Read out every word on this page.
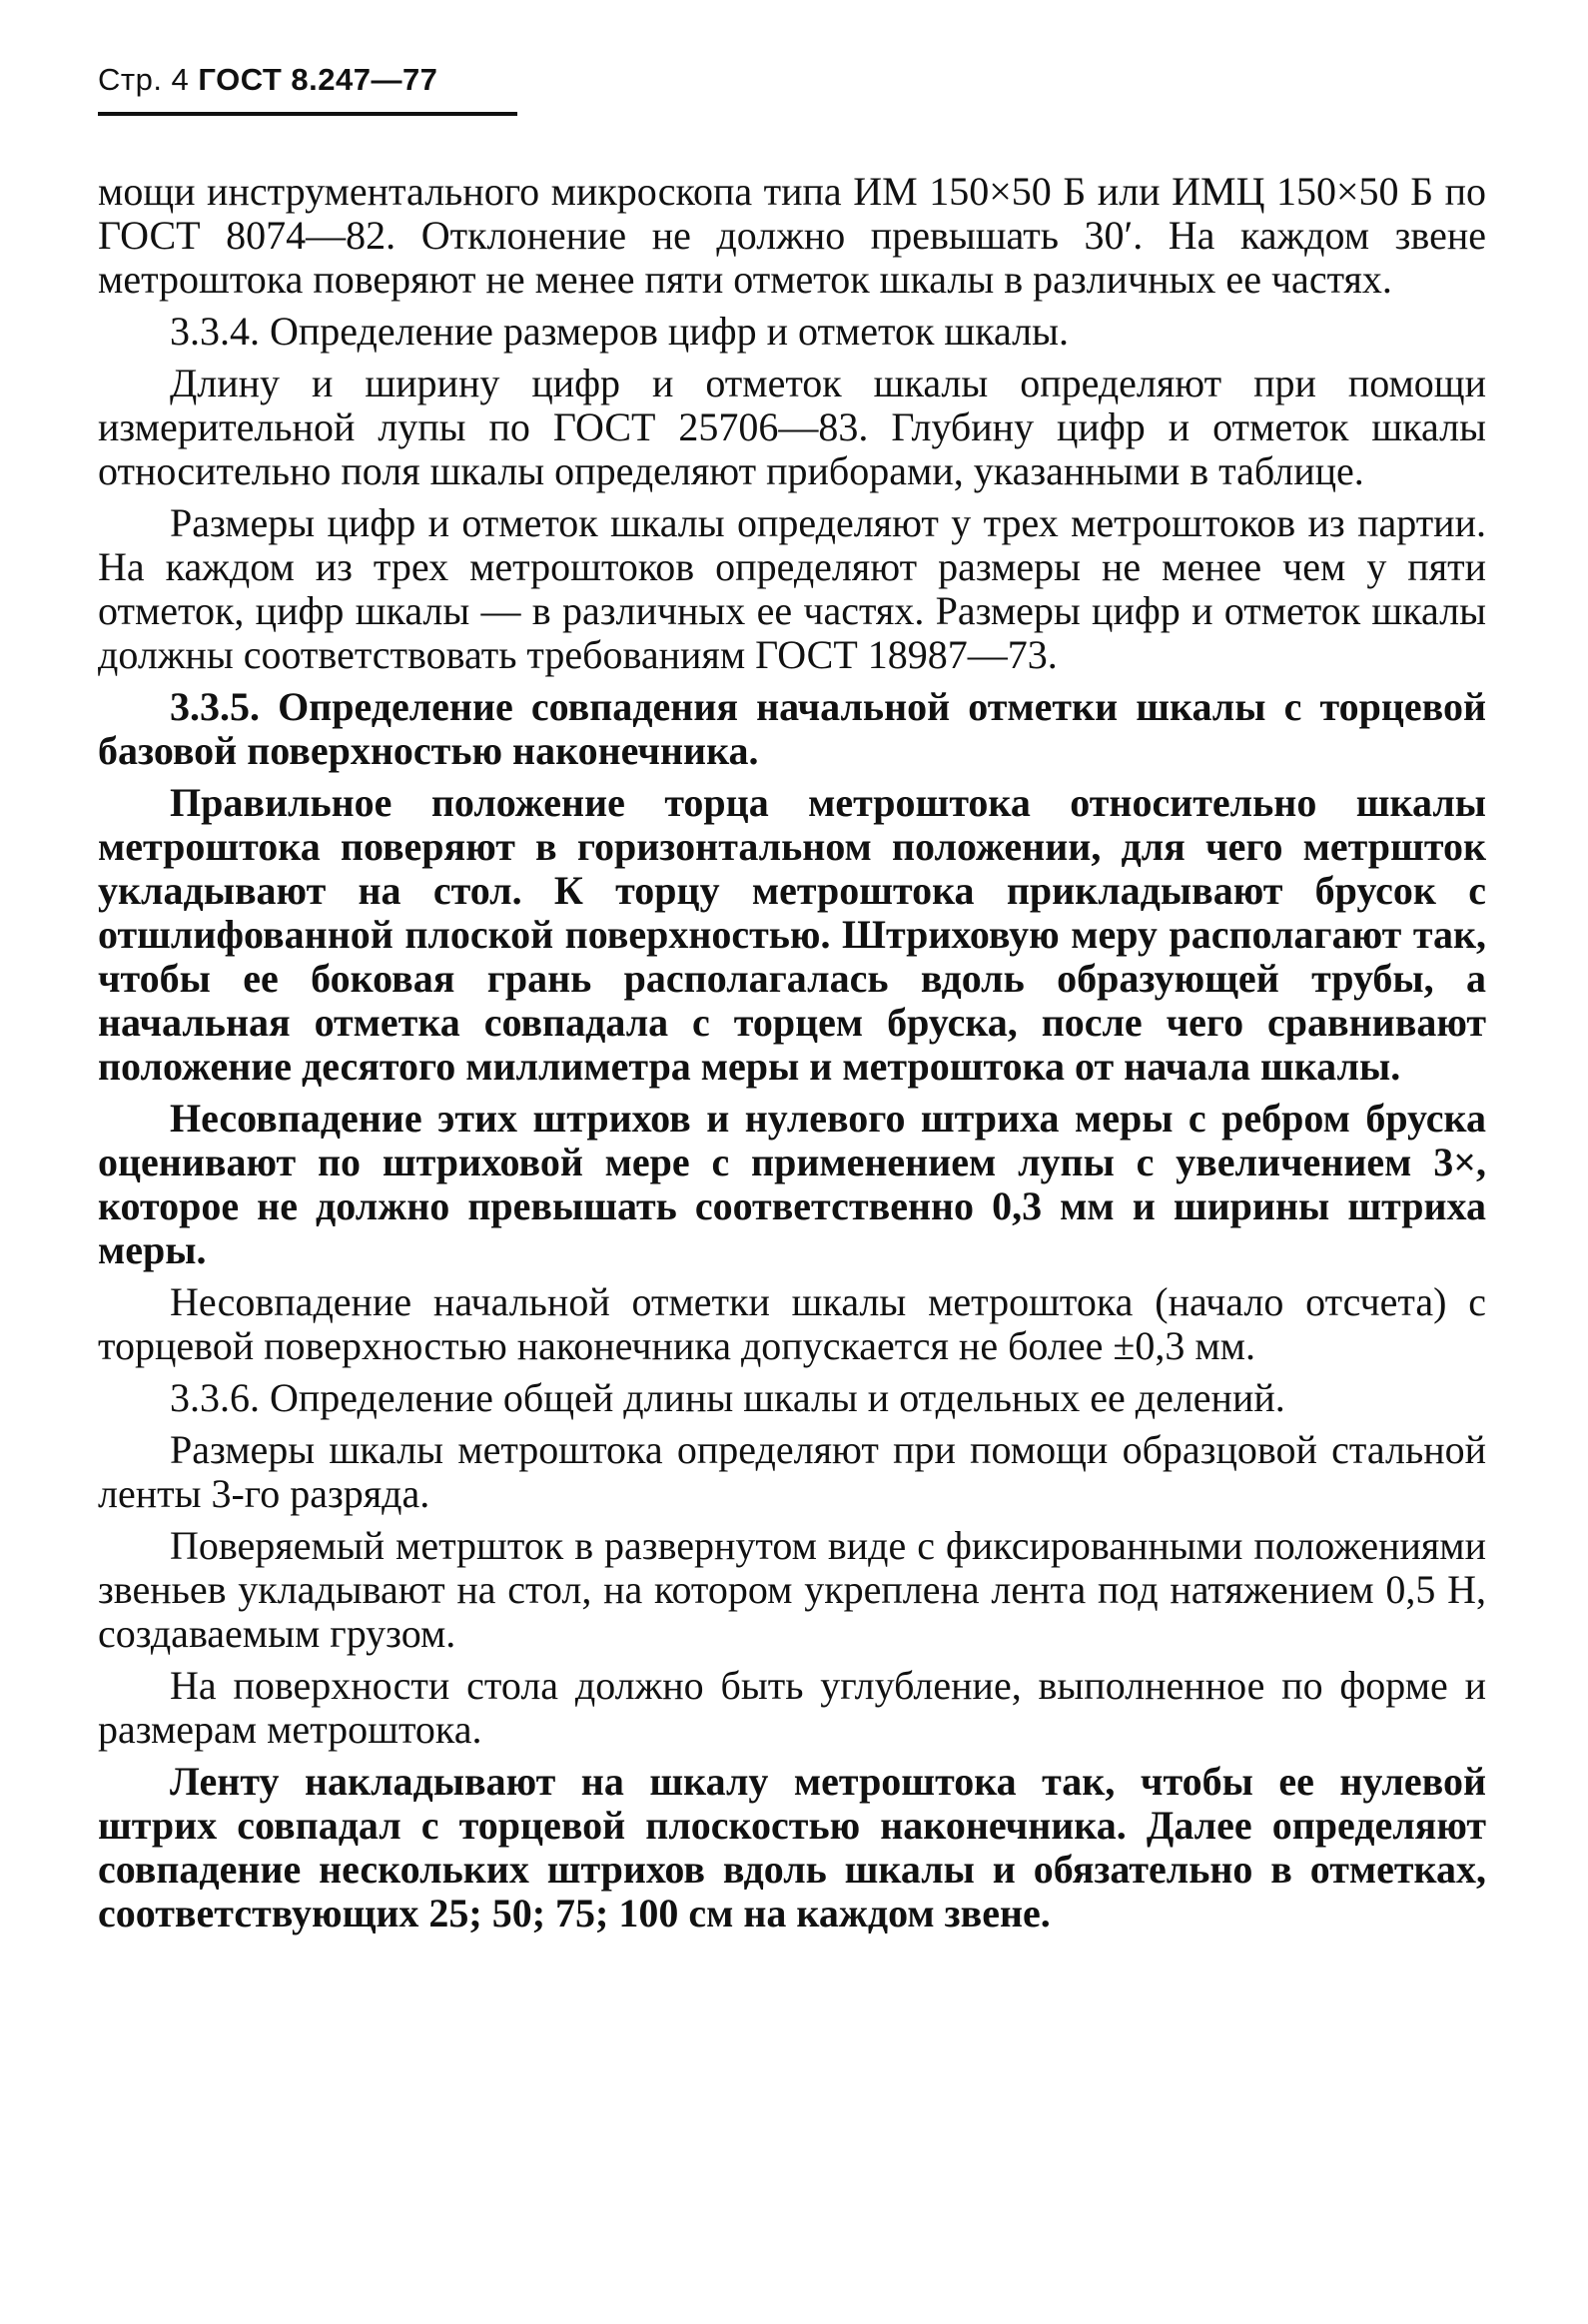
Стр. 4 ГОСТ 8.247—77

мощи инструментального микроскопа типа ИМ 150×50 Б или ИМЦ 150×50 Б по ГОСТ 8074—82. Отклонение не должно превышать 30′. На каждом звене метроштока поверяют не менее пяти отметок шкалы в различных ее частях.

3.3.4. Определение размеров цифр и отметок шкалы.

Длину и ширину цифр и отметок шкалы определяют при помощи измерительной лупы по ГОСТ 25706—83. Глубину цифр и отметок шкалы относительно поля шкалы определяют приборами, указанными в таблице.

Размеры цифр и отметок шкалы определяют у трех метроштоков из партии. На каждом из трех метроштоков определяют размеры не менее чем у пяти отметок, цифр шкалы — в различных ее частях. Размеры цифр и отметок шкалы должны соответствовать требованиям ГОСТ 18987—73.

3.3.5. Определение совпадения начальной отметки шкалы с торцевой базовой поверхностью наконечника.

Правильное положение торца метроштока относительно шкалы метроштока поверяют в горизонтальном положении, для чего метршток укладывают на стол. К торцу метроштока прикладывают брусок с отшлифованной плоской поверхностью. Штриховую меру располагают так, чтобы ее боковая грань располагалась вдоль образующей трубы, а начальная отметка совпадала с торцем бруска, после чего сравнивают положение десятого миллиметра меры и метроштока от начала шкалы.

Несовпадение этих штрихов и нулевого штриха меры с ребром бруска оценивают по штриховой мере с применением лупы с увеличением 3×, которое не должно превышать соответственно 0,3 мм и ширины штриха меры.

Несовпадение начальной отметки шкалы метроштока (начало отсчета) с торцевой поверхностью наконечника допускается не более ±0,3 мм.

3.3.6. Определение общей длины шкалы и отдельных ее делений.

Размеры шкалы метроштока определяют при помощи образцовой стальной ленты 3-го разряда.

Поверяемый метршток в развернутом виде с фиксированными положениями звеньев укладывают на стол, на котором укреплена лента под натяжением 0,5 Н, создаваемым грузом.

На поверхности стола должно быть углубление, выполненное по форме и размерам метроштока.

Ленту накладывают на шкалу метроштока так, чтобы ее нулевой штрих совпадал с торцевой плоскостью наконечника. Далее определяют совпадение нескольких штрихов вдоль шкалы и обязательно в отметках, соответствующих 25; 50; 75; 100 см на каждом звене.
